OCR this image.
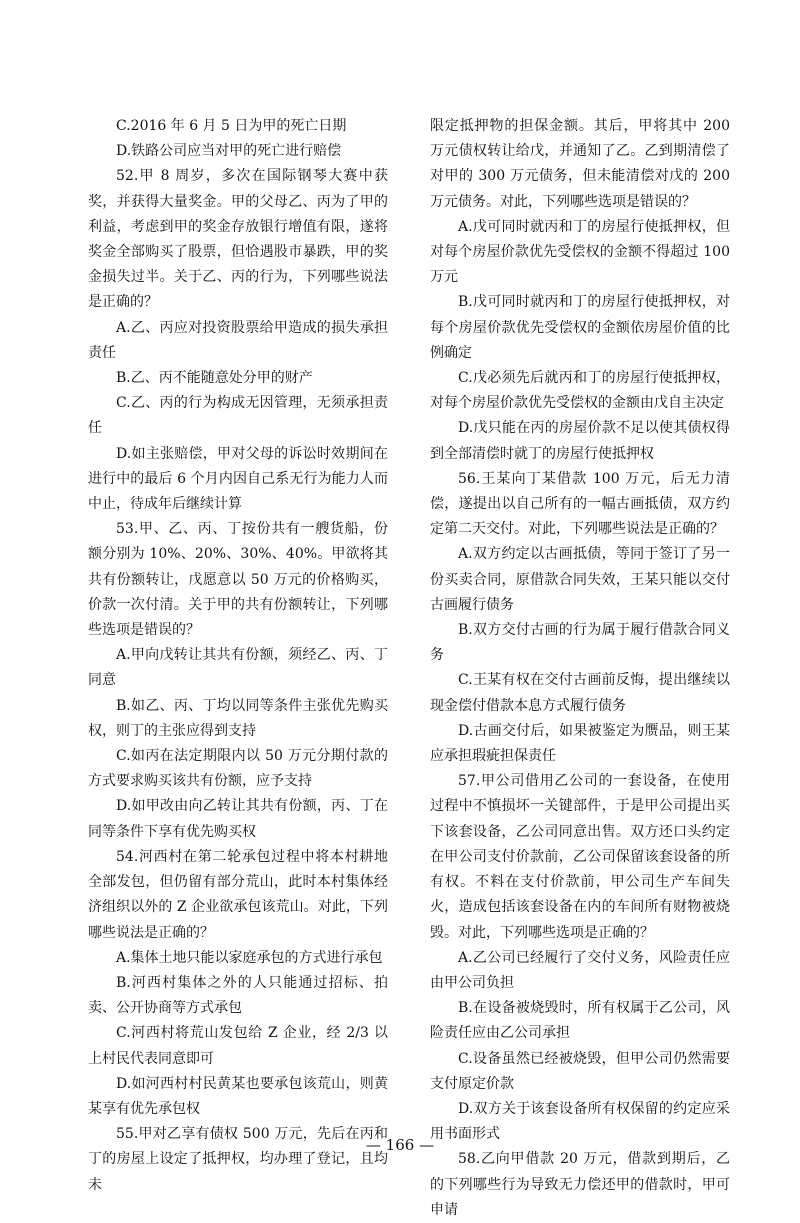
C.2016 年 6 月 5 日为甲的死亡日期

D.铁路公司应当对甲的死亡进行赔偿

52.甲 8 周岁，多次在国际钢琴大赛中获奖，并获得大量奖金。甲的父母乙、丙为了甲的利益，考虑到甲的奖金存放银行增值有限，遂将奖金全部购买了股票，但恰遇股市暴跌，甲的奖金损失过半。关于乙、丙的行为，下列哪些说法是正确的？

A.乙、丙应对投资股票给甲造成的损失承担责任

B.乙、丙不能随意处分甲的财产

C.乙、丙的行为构成无因管理，无须承担责任

D.如主张赔偿，甲对父母的诉讼时效期间在进行中的最后 6 个月内因自己系无行为能力人而中止，待成年后继续计算

53.甲、乙、丙、丁按份共有一艘货船，份额分别为 10%、20%、30%、40%。甲欲将其共有份额转让，戊愿意以 50 万元的价格购买，价款一次付清。关于甲的共有份额转让，下列哪些选项是错误的？

A.甲向戊转让其共有份额，须经乙、丙、丁同意

B.如乙、丙、丁均以同等条件主张优先购买权，则丁的主张应得到支持

C.如丙在法定期限内以 50 万元分期付款的方式要求购买该共有份额，应予支持

D.如甲改由向乙转让其共有份额，丙、丁在同等条件下享有优先购买权

54.河西村在第二轮承包过程中将本村耕地全部发包，但仍留有部分荒山，此时本村集体经济组织以外的 Z 企业欲承包该荒山。对此，下列哪些说法是正确的？

A.集体土地只能以家庭承包的方式进行承包

B.河西村集体之外的人只能通过招标、拍卖、公开协商等方式承包

C.河西村将荒山发包给 Z 企业，经 2/3 以上村民代表同意即可

D.如河西村村民黄某也要承包该荒山，则黄某享有优先承包权

55.甲对乙享有债权 500 万元，先后在丙和丁的房屋上设定了抵押权，均办理了登记，且均未

限定抵押物的担保金额。其后，甲将其中 200 万元债权转让给戊，并通知了乙。乙到期清偿了对甲的 300 万元债务，但未能清偿对戊的 200 万元债务。对此，下列哪些选项是错误的？

A.戊可同时就丙和丁的房屋行使抵押权，但对每个房屋价款优先受偿权的金额不得超过 100 万元

B.戊可同时就丙和丁的房屋行使抵押权，对每个房屋价款优先受偿权的金额依房屋价值的比例确定

C.戊必须先后就丙和丁的房屋行使抵押权，对每个房屋价款优先受偿权的金额由戊自主决定

D.戊只能在丙的房屋价款不足以使其债权得到全部清偿时就丁的房屋行使抵押权

56.王某向丁某借款 100 万元，后无力清偿，遂提出以自己所有的一幅古画抵债，双方约定第二天交付。对此，下列哪些说法是正确的？

A.双方约定以古画抵债，等同于签订了另一份买卖合同，原借款合同失效，王某只能以交付古画履行债务

B.双方交付古画的行为属于履行借款合同义务

C.王某有权在交付古画前反悔，提出继续以现金偿付借款本息方式履行债务

D.古画交付后，如果被鉴定为赝品，则王某应承担瑕疵担保责任

57.甲公司借用乙公司的一套设备，在使用过程中不慎损坏一关键部件，于是甲公司提出买下该套设备，乙公司同意出售。双方还口头约定在甲公司支付价款前，乙公司保留该套设备的所有权。不料在支付价款前，甲公司生产车间失火，造成包括该套设备在内的车间所有财物被烧毁。对此，下列哪些选项是正确的？

A.乙公司已经履行了交付义务，风险责任应由甲公司负担

B.在设备被烧毁时，所有权属于乙公司，风险责任应由乙公司承担

C.设备虽然已经被烧毁，但甲公司仍然需要支付原定价款

D.双方关于该套设备所有权保留的约定应采用书面形式

58.乙向甲借款 20 万元，借款到期后，乙的下列哪些行为导致无力偿还甲的借款时，甲可申请

— 166 —
